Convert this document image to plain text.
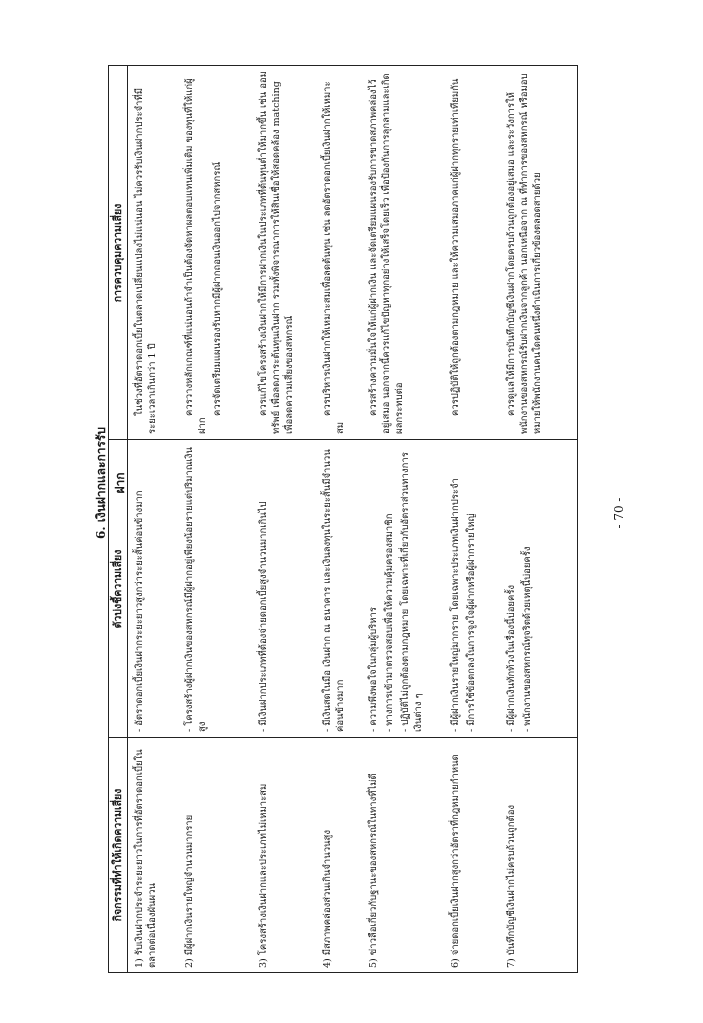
6. เงินฝากและการรับฝาก
กิจกรรมที่ทำให้เกิดความเสี่ยง
ตัวบ่งชี้ความเสี่ยง
การควบคุมความเสี่ยง
1) รับเงินฝากประจำระยะยาวในการที่อัตราดอกเบี้ยในตลาดต่อเนื่องผันผวน
- อัตราดอกเบี้ยเงินฝากระยะยาวสูงกว่าระยะสั้นค่อนข้างมาก
ในช่วงที่อัตราดอกเบี้ยในตลาดเปลี่ยนแปลงไม่แน่นอน ไม่ควรรับเงินฝากประจำที่มีระยะเวลาเกินกว่า 1 ปี
2) มีผู้ฝากเงินรายใหญ่จำนวนมากราย
- โครงสร้างผู้ฝากเงินของสหกรณ์มีผู้ฝากอยู่เพียงน้อยรายแต่ปริมาณเงินสูง
ควรวางหลักเกณฑ์ที่แน่นอนถ้าจำเป็นต้องจัดหาผลตอบแทนเพิ่มเติม ของทุนที่ให้แก่ผู้ฝาก
ควรจัดเตรียมแผนรองรับหากมีผู้ฝากถอนเงินออกไปจากสหกรณ์
3) โครงสร้างเงินฝากและประเภทไม่เหมาะสม
- มีเงินฝากประเภทที่ต้องจ่ายดอกเบี้ยสูงจำนวนมากเกินไป
ควรแก้ไขโครงสร้างเงินฝากให้มีการฝากเงินในประเภทที่ต้นทุนต่ำให้มากขึ้น เช่น ออมทรัพย์ เพื่อลดภาระต้นทุนเงินฝาก รวมทั้งพิจารณาการให้สินเชื่อให้สอดคล้อง matching เพื่อลดความเสี่ยงของสหกรณ์
4) มีสภาพคล่องส่วนเกินจำนวนสูง
- มีเงินสดในมือ เงินฝาก ณ ธนาคาร และเงินลงทุนในระยะสั้นมีจำนวนค่อนข้างมาก
ควรบริหารเงินฝากให้เหมาะสมเพื่อลดต้นทุน เช่น ลดอัตราดอกเบี้ยเงินฝากให้เหมาะสม
5) ข่าวลือเกี่ยวกับฐานะของสหกรณ์ในทางที่ไม่ดี
- ความพึงพอใจในกลุ่มผู้บริหาร - ทางการเข้ามาตรวจสอบเพื่อให้ความคุ้มครองสมาชิก - ปฏิบัติไม่ถูกต้องตามกฎหมาย โดยเฉพาะที่เกี่ยวกับอัตราส่วนทางการเงินต่าง ๆ
ควรสร้างความมั่นใจให้แก่ผู้ฝากเงิน และจัดเตรียมแผนรองรับการขาดสภาพคล่องไว้อยู่เสมอ นอกจากนี้ควรแก้ไขปัญหาทุกอย่างให้เสร็จโดยเร็ว เพื่อป้องกันการลุกลามและเกิดผลกระทบต่อ
6) จ่ายดอกเบี้ยเงินฝากสูงกว่าอัตราที่กฎหมายกำหนด
- มีผู้ฝากเงินรายใหญ่มากราย โดยเฉพาะประเภทเงินฝากประจำ - มีการใช้ข้อตกลงในการจูงใจผู้ฝากหรือผู้ฝากรายใหญ่
ควรปฏิบัติให้ถูกต้องตามกฎหมาย และให้ความเสมอภาคแก่ผู้ฝากทุกรายเท่าเทียมกัน
7) บันทึกบัญชีเงินฝากไม่ครบถ้วนถูกต้อง
- มีผู้ฝากเงินทักท้วงในเรื่องนี้บ่อยครั้ง - พนักงานของสหกรณ์ทุจริตด้วยเหตุนี้บ่อยครั้ง
ควรดูแลให้มีการบันทึกบัญชีเงินฝากโดยครบถ้วนถูกต้องอยู่เสมอ และระวังการให้พนักงานของสหกรณ์รับฝากเงินจากลูกค้า นอกเหนือจาก ณ ที่ทำการของสหกรณ์ หรือมอบหมายให้พนักงานคนใดคนหนึ่งดำเนินการเกี่ยวข้องตลอดสายด้วย
- 70 -
